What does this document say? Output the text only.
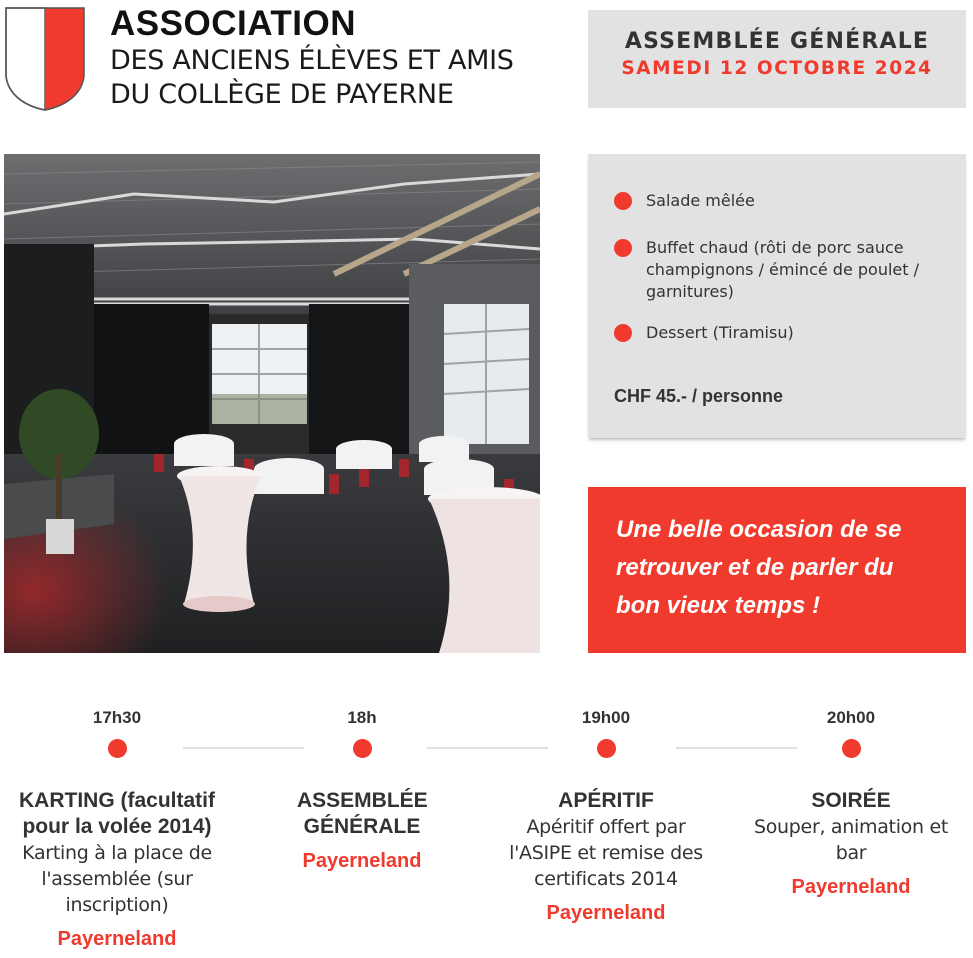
ASSOCIATION
DES ANCIENS ÉLÈVES ET AMIS
DU COLLÈGE DE PAYERNE
ASSEMBLÉE GÉNÉRALE
SAMEDI 12 OCTOBRE 2024
Salade mêlée
Buffet chaud (rôti de porc sauce champignons / émincé de poulet / garnitures)
Dessert (Tiramisu)
CHF 45.- / personne
Une belle occasion de se retrouver et de parler du bon vieux temps !
17h30
KARTING (facultatif pour la volée 2014)
Karting à la place de l'assemblée (sur inscription)
Payerneland
18h
ASSEMBLÉE GÉNÉRALE
Payerneland
19h00
APÉRITIF
Apéritif offert par l'ASIPE et remise des certificats 2014
Payerneland
20h00
SOIRÉE
Souper, animation et bar
Payerneland
